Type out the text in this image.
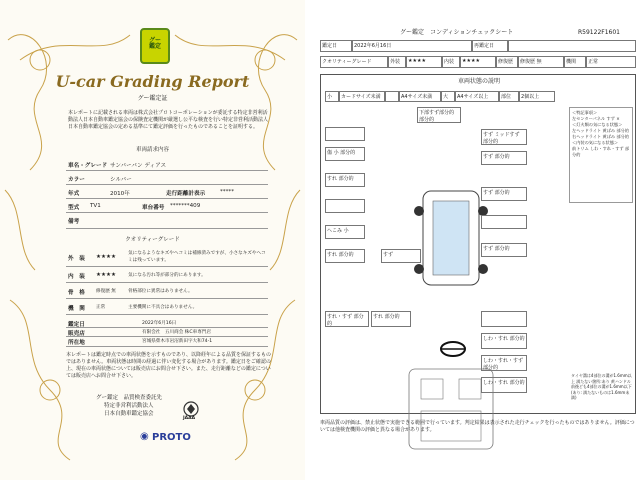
グー
鑑定
U-car Grading Report
グー鑑定証
本レポートに記載される車両は株式会社プロトコーポレーションが委託する特定非営利活動法人日本自動車鑑定協会の保険査定機関が厳選し公平な検査を行い特定非営利活動法人日本自動車鑑定協会の定める基準にて鑑定評価を行ったものであることを証明する。
車両請求内容
車名・グレード サンバーバン ディアス
カラー	シルバー
年式	2010年	走行距離計表示	*****
型式 TV1	車台番号 *******409
備考
クオリティーグレード
外　装 ★★★★
気になるようなキズやヘコミは補修済みですが、小さなキズやヘコミは残っています。
内　装 ★★★★	気になる汚れ等が部分的にあります。
骨　格 修復歴 無	骨格部位に異常はありません。
機　関 正常	主要機関に不具合はありません。
鑑定日	2022年6月16日
販売店	有限会社　五川商会 株C車専門店
所在地	宮城県柴木市岩沼新田字大和74-1
本レポートは鑑定時点での車両状態を示すものであり、以降経年による品質を保証するものではありません。車両状態は時間の経過に伴い変化する場合があります。鑑定日をご確認の上、現在の車両状態については販売店にお問合せ下さい。また、走行距離などの鑑定については販売店へお問合せ下さい。
グー鑑定　品質検査委託先
特定非営利活動法人
日本自動車鑑定協会
JAAA
◉ PROTO
グー鑑定　コンディションチェックシート	R59122F1601
鑑定日	2022年6月16日	再鑑定日
クオリティーグレード	外装	★★★★	内装	★★★★	修復歴	修復歴 無	機関	正常
車両状態の説明
小	カードサイズ未満	A4サイズ未満	大	A4サイズ以上	部位	2個以上
＜特記事項＞
左センターパネル すず ×
＜灯火類の気になる状態＞
左ヘッドライト 黄ばみ 部分的
右ヘッドライト 黄ばみ 部分的
＜内装の気になる状態＞
前トリム しわ・すれ・すず 部分的
下部すず部分的 部分的
すず ミッドすず 部分的
すず 部分的
傷 小 部分的
すれ 部分的
すず 部分的
へこみ 小
すず 部分的
すず
すれ 部分的
すれ・すず 部分的
すれ 部分的
しわ・すれ 部分的
しわ・すれ・すず 部分的
しわ・すれ 部分的
タイヤ溝は4部位の溝が1.6mm以上 満たない箇所:あり 黄ハンドル 前後ども4部位の溝が1.6mm以下 (あり: 満たないものは1.6mm未満)
車両品質の評価は、禁止状態で実施できる範囲で行っています。判定結果は表示された走行チェックを行ったものではありません。評価については他検査機関の評価と異なる場合があります。
